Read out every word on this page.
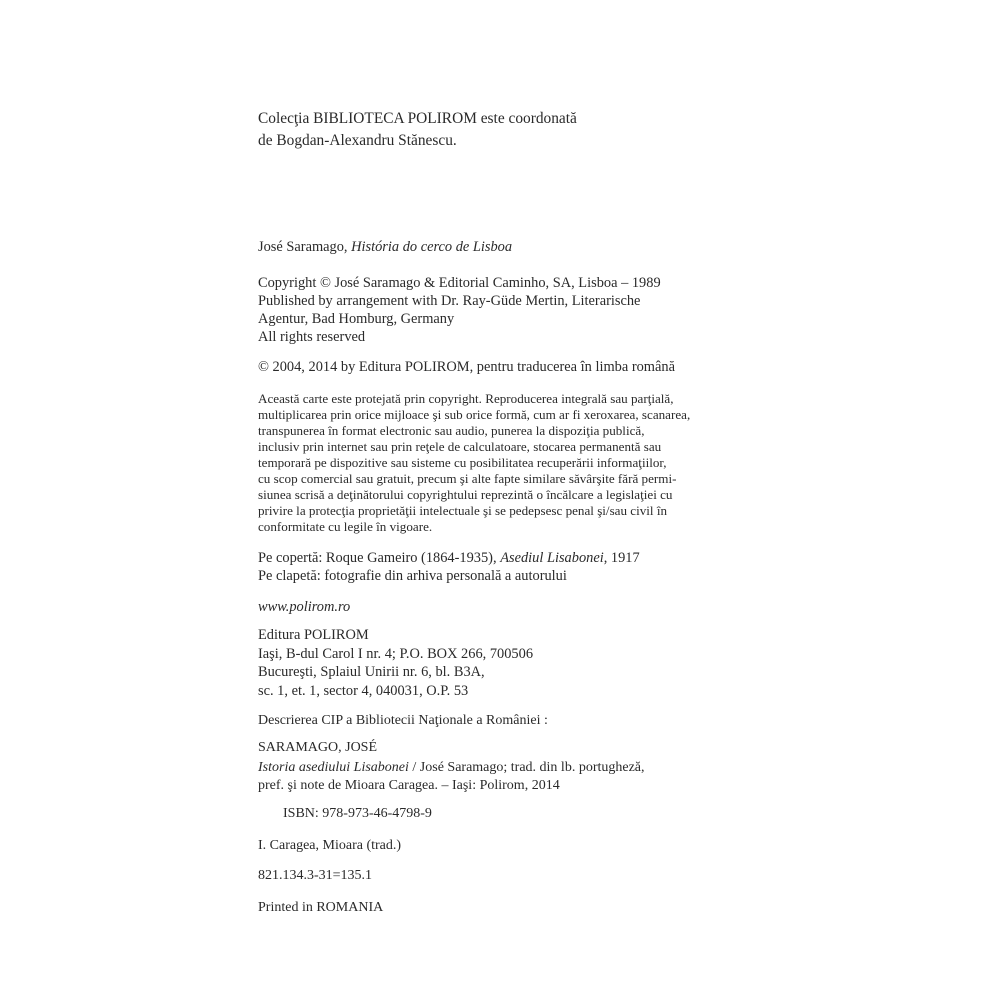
Colecţia BIBLIOTECA POLIROM este coordonată
de Bogdan-Alexandru Stănescu.
José Saramago, História do cerco de Lisboa
Copyright © José Saramago & Editorial Caminho, SA, Lisboa – 1989
Published by arrangement with Dr. Ray-Güde Mertin, Literarische
Agentur, Bad Homburg, Germany
All rights reserved
© 2004, 2014 by Editura POLIROM, pentru traducerea în limba română
Această carte este protejată prin copyright. Reproducerea integrală sau parţială,
multiplicarea prin orice mijloace şi sub orice formă, cum ar fi xeroxarea, scanarea,
transpunerea în format electronic sau audio, punerea la dispoziţia publică,
inclusiv prin internet sau prin reţele de calculatoare, stocarea permanentă sau
temporară pe dispozitive sau sisteme cu posibilitatea recuperării informaţiilor,
cu scop comercial sau gratuit, precum şi alte fapte similare săvârşite fără permi-
siunea scrisă a deţinătorului copyrightului reprezintă o încălcare a legislaţiei cu
privire la protecţia proprietăţii intelectuale şi se pedepsesc penal şi/sau civil în
conformitate cu legile în vigoare.
Pe copertă: Roque Gameiro (1864-1935), Asediul Lisabonei, 1917
Pe clapetă: fotografie din arhiva personală a autorului
www.polirom.ro
Editura POLIROM
Iaşi, B-dul Carol I nr. 4; P.O. BOX 266, 700506
Bucureşti, Splaiul Unirii nr. 6, bl. B3A,
sc. 1, et. 1, sector 4, 040031, O.P. 53
Descrierea CIP a Bibliotecii Naţionale a României :
SARAMAGO, JOSÉ
Istoria asediului Lisabonei / José Saramago; trad. din lb. portugheză,
pref. şi note de Mioara Caragea. – Iaşi: Polirom, 2014
ISBN: 978-973-46-4798-9
I. Caragea, Mioara (trad.)
821.134.3-31=135.1
Printed in ROMANIA
